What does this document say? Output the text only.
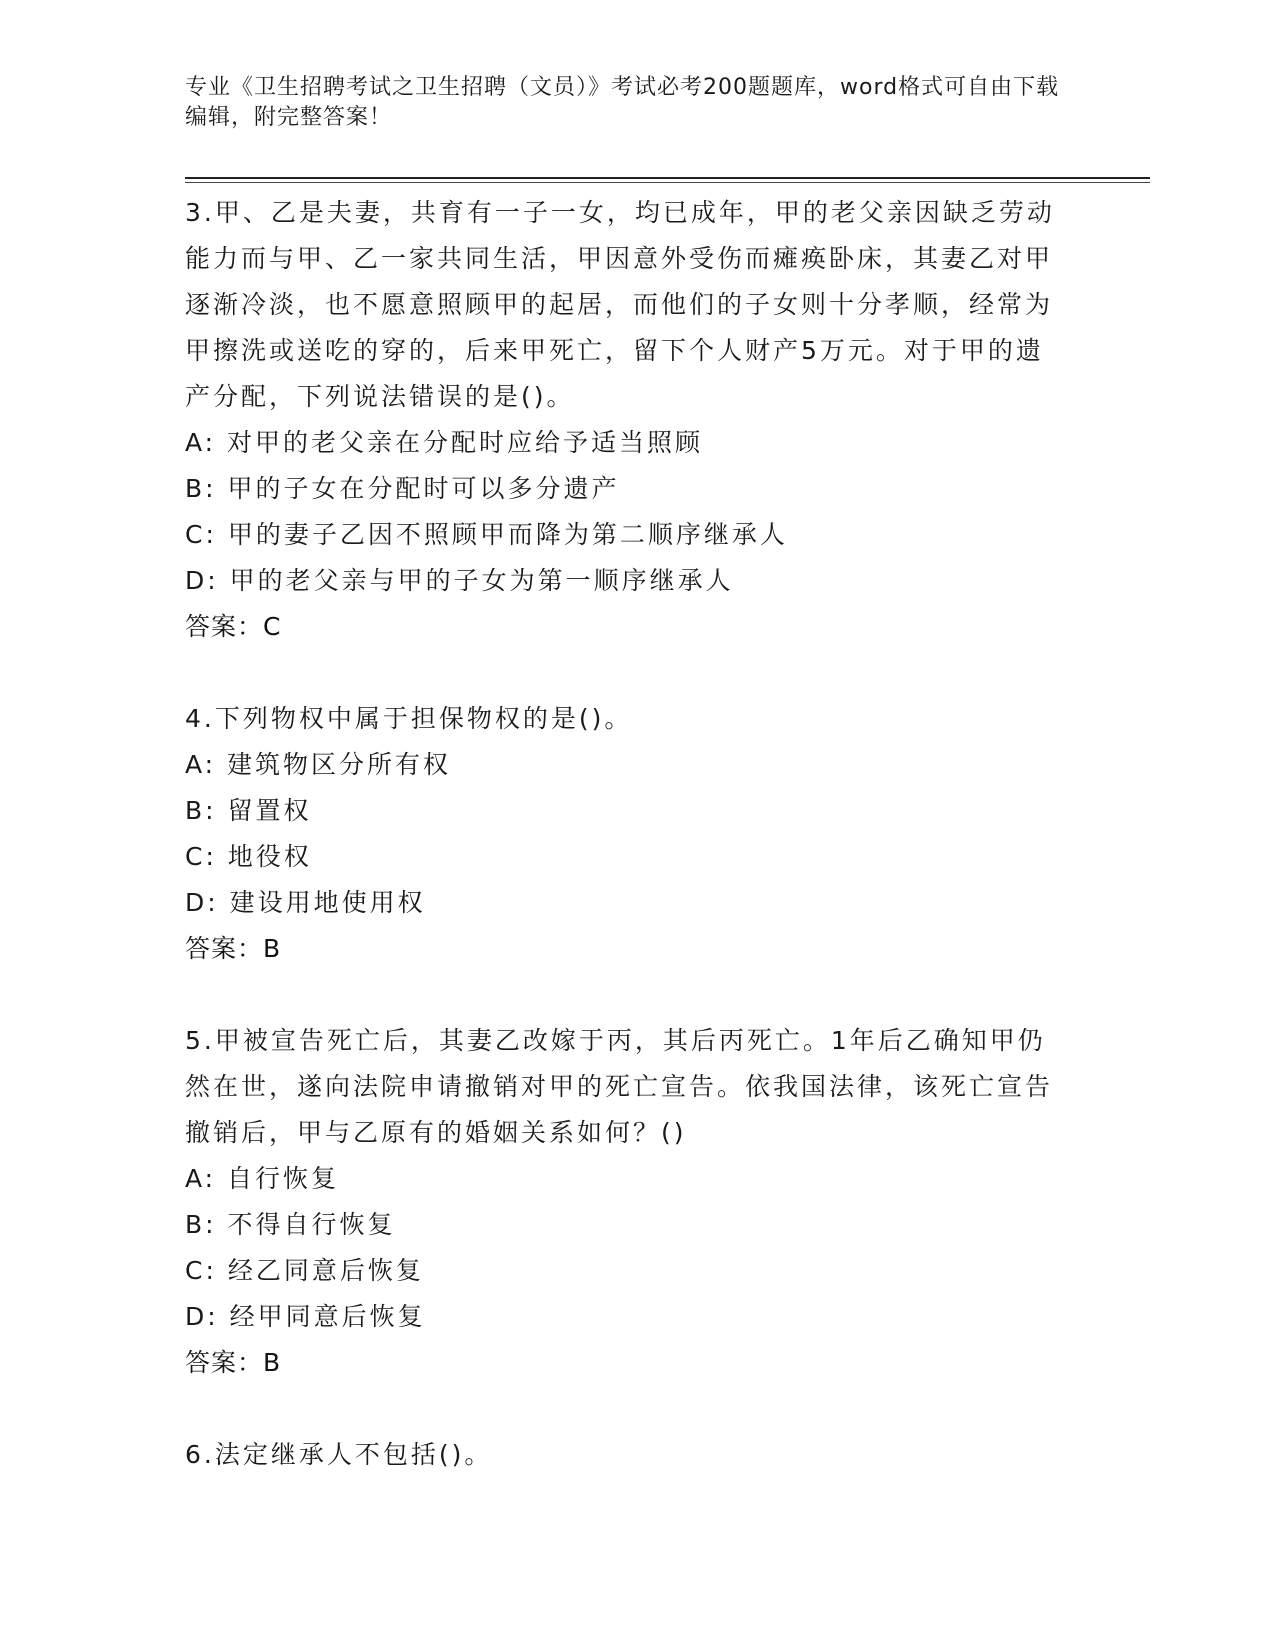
专业《卫生招聘考试之卫生招聘（文员）》考试必考200题题库，word格式可自由下载编辑，附完整答案！

3.甲、乙是夫妻，共育有一子一女，均已成年，甲的老父亲因缺乏劳动能力而与甲、乙一家共同生活，甲因意外受伤而瘫痪卧床，其妻乙对甲逐渐冷淡，也不愿意照顾甲的起居，而他们的子女则十分孝顺，经常为甲擦洗或送吃的穿的，后来甲死亡，留下个人财产5万元。对于甲的遗产分配，下列说法错误的是()。

A: 对甲的老父亲在分配时应给予适当照顾

B: 甲的子女在分配时可以多分遗产

C: 甲的妻子乙因不照顾甲而降为第二顺序继承人

D: 甲的老父亲与甲的子女为第一顺序继承人

答案：C

4.下列物权中属于担保物权的是()。

A: 建筑物区分所有权

B: 留置权

C: 地役权

D: 建设用地使用权

答案：B

5.甲被宣告死亡后，其妻乙改嫁于丙，其后丙死亡。1年后乙确知甲仍然在世，遂向法院申请撤销对甲的死亡宣告。依我国法律，该死亡宣告撤销后，甲与乙原有的婚姻关系如何？()

A: 自行恢复

B: 不得自行恢复

C: 经乙同意后恢复

D: 经甲同意后恢复

答案：B

6.法定继承人不包括()。
